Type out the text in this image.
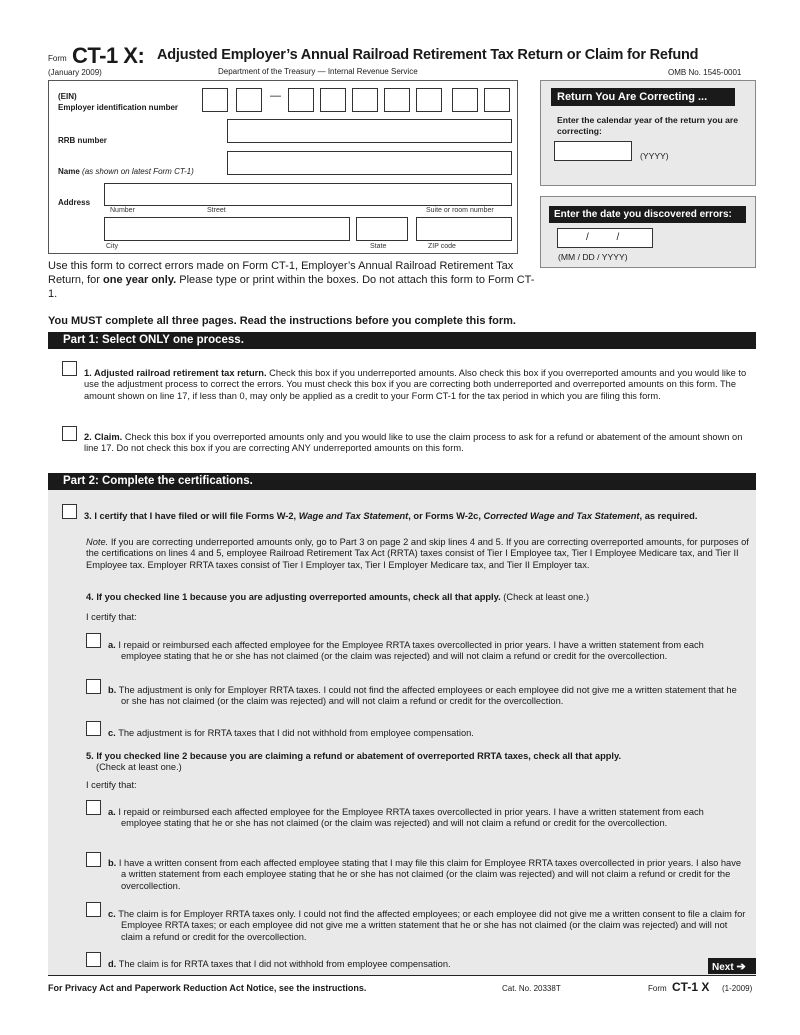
Form CT-1 X: Adjusted Employer’s Annual Railroad Retirement Tax Return or Claim for Refund
(January 2009)	Department of the Treasury — Internal Revenue Service	OMB No. 1545-0001
(EIN)
Employer identification number
—
RRB number
Name (as shown on latest Form CT-1)
Address
Number	Street	Suite or room number
City	State	ZIP code
Return You Are Correcting ...
Enter the calendar year of the return you are correcting:
(YYYY)
Enter the date you discovered errors:
/          /
(MM / DD / YYYY)
Use this form to correct errors made on Form CT-1, Employer’s Annual Railroad Retirement Tax Return, for one year only. Please type or print within the boxes. Do not attach this form to Form CT-1.
You MUST complete all three pages. Read the instructions before you complete this form.
Part 1: Select ONLY one process.
1. Adjusted railroad retirement tax return. Check this box if you underreported amounts. Also check this box if you overreported amounts and you would like to use the adjustment process to correct the errors. You must check this box if you are correcting both underreported and overreported amounts on this form. The amount shown on line 17, if less than 0, may only be applied as a credit to your Form CT-1 for the tax period in which you are filing this form.
2. Claim. Check this box if you overreported amounts only and you would like to use the claim process to ask for a refund or abatement of the amount shown on line 17. Do not check this box if you are correcting ANY underreported amounts on this form.
Part 2: Complete the certifications.
3. I certify that I have filed or will file Forms W-2, Wage and Tax Statement, or Forms W-2c, Corrected Wage and Tax Statement, as required.
Note. If you are correcting underreported amounts only, go to Part 3 on page 2 and skip lines 4 and 5. If you are correcting overreported amounts, for purposes of the certifications on lines 4 and 5, employee Railroad Retirement Tax Act (RRTA) taxes consist of Tier I Employee tax, Tier I Employee Medicare tax, and Tier II Employee tax. Employer RRTA taxes consist of Tier I Employer tax, Tier I Employer Medicare tax, and Tier II Employer tax.
4. If you checked line 1 because you are adjusting overreported amounts, check all that apply. (Check at least one.)
I certify that:
a. I repaid or reimbursed each affected employee for the Employee RRTA taxes overcollected in prior years. I have a written statement from each employee stating that he or she has not claimed (or the claim was rejected) and will not claim a refund or credit for the overcollection.
b. The adjustment is only for Employer RRTA taxes. I could not find the affected employees or each employee did not give me a written statement that he or she has not claimed (or the claim was rejected) and will not claim a refund or credit for the overcollection.
c. The adjustment is for RRTA taxes that I did not withhold from employee compensation.
5. If you checked line 2 because you are claiming a refund or abatement of overreported RRTA taxes, check all that apply.
(Check at least one.)
I certify that:
a. I repaid or reimbursed each affected employee for the Employee RRTA taxes overcollected in prior years. I have a written statement from each employee stating that he or she has not claimed (or the claim was rejected) and will not claim a refund or credit for the overcollection.
b. I have a written consent from each affected employee stating that I may file this claim for Employee RRTA taxes overcollected in prior years. I also have a written statement from each employee stating that he or she has not claimed (or the claim was rejected) and will not claim a refund or credit for the overcollection.
c. The claim is for Employer RRTA taxes only. I could not find the affected employees; or each employee did not give me a written consent to file a claim for Employee RRTA taxes; or each employee did not give me a written statement that he or she has not claimed (or the claim was rejected) and will not claim a refund or credit for the overcollection.
d. The claim is for RRTA taxes that I did not withhold from employee compensation.	Next ➔
For Privacy Act and Paperwork Reduction Act Notice, see the instructions.	Cat. No. 20338T	Form CT-1 X (1-2009)
